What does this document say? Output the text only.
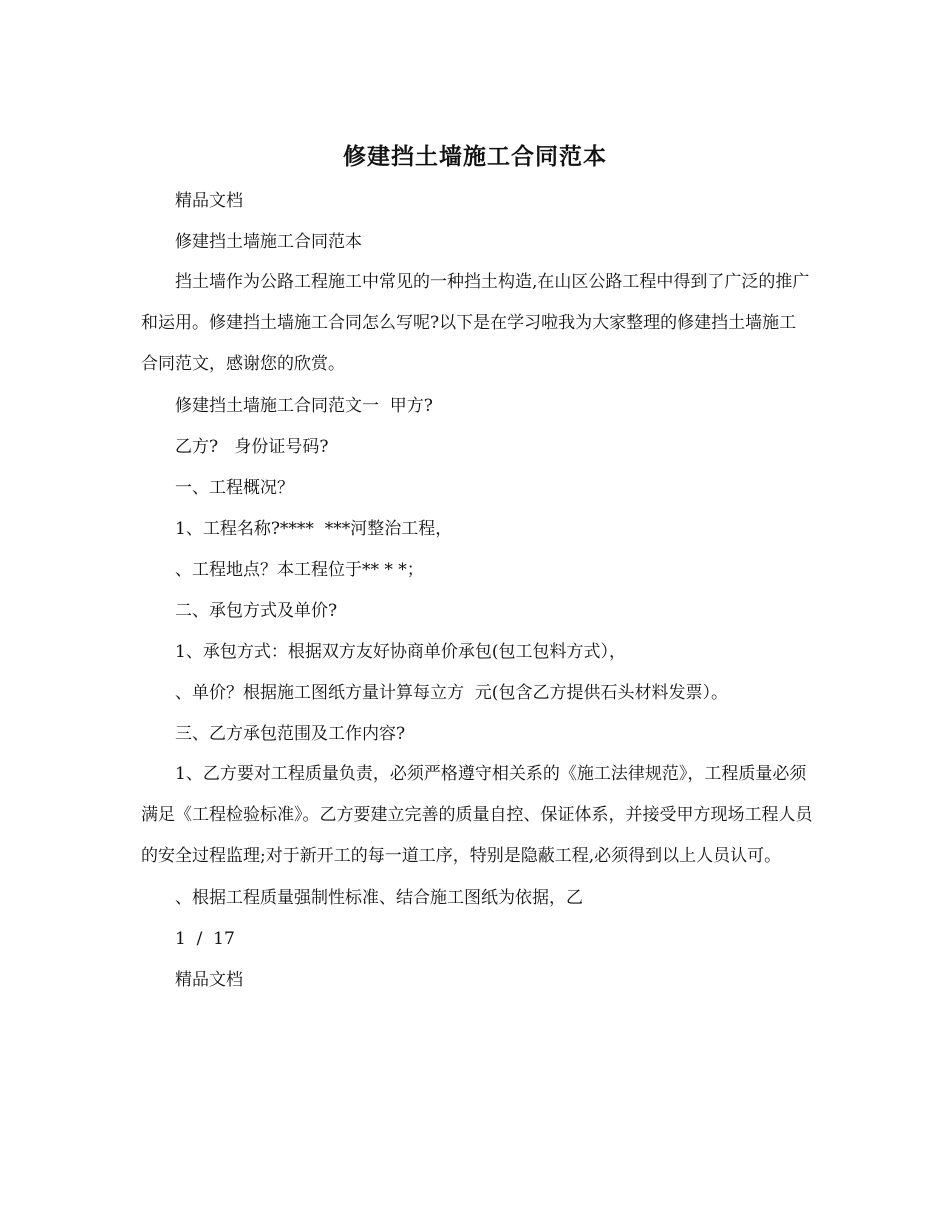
修建挡土墙施工合同范本

精品文档

修建挡土墙施工合同范本

挡土墙作为公路工程施工中常见的一种挡土构造,在山区公路工程中得到了广泛的推广和运用。修建挡土墙施工合同怎么写呢?以下是在学习啦我为大家整理的修建挡土墙施工合同范文，感谢您的欣赏。

修建挡土墙施工合同范文一  甲方?

乙方?   身份证号码?

一、工程概况？

1、工程名称?****  ***河整治工程，

、工程地点？本工程位于** * *；

二、承包方式及单价?

1、承包方式：根据双方友好协商单价承包(包工包料方式），

、单价？根据施工图纸方量计算每立方  元(包含乙方提供石头材料发票）。

三、乙方承包范围及工作内容?

1、乙方要对工程质量负责，必须严格遵守相关系的《施工法律规范》，工程质量必须满足《工程检验标准》。乙方要建立完善的质量自控、保证体系，并接受甲方现场工程人员的安全过程监理;对于新开工的每一道工序，特别是隐蔽工程,必须得到以上人员认可。

、根据工程质量强制性标准、结合施工图纸为依据，乙

1  /  17

精品文档
